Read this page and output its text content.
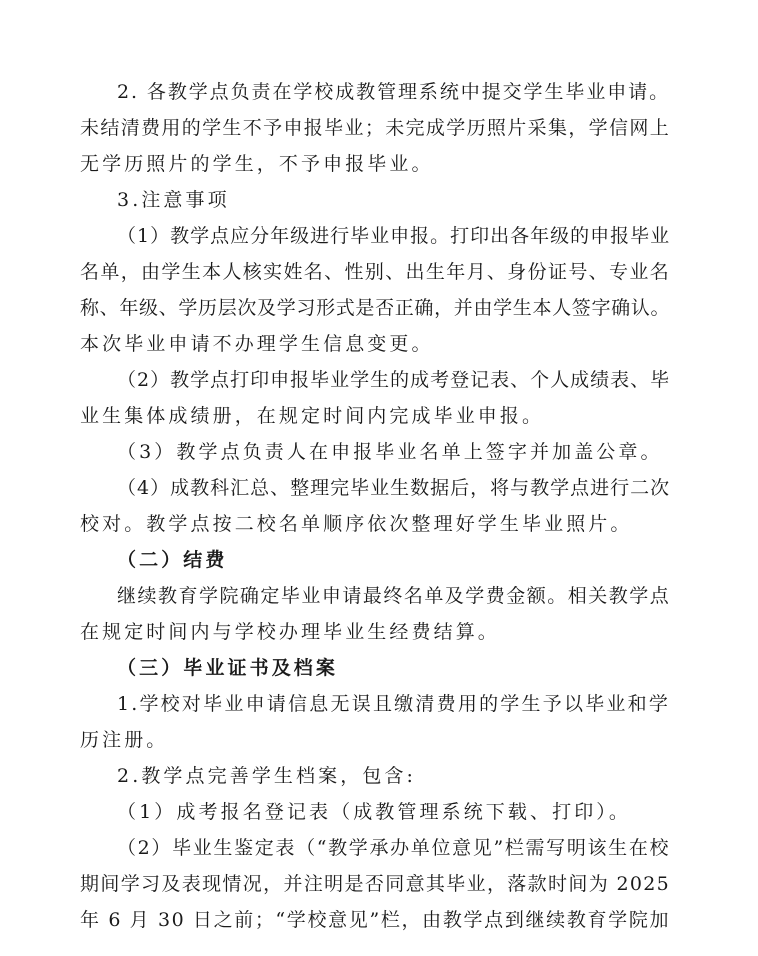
2. 各教学点负责在学校成教管理系统中提交学生毕业申请。
未结清费用的学生不予申报毕业；未完成学历照片采集，学信网上
无学历照片的学生，不予申报毕业。
3.注意事项
（1）教学点应分年级进行毕业申报。打印出各年级的申报毕业
名单，由学生本人核实姓名、性别、出生年月、身份证号、专业名
称、年级、学历层次及学习形式是否正确，并由学生本人签字确认。
本次毕业申请不办理学生信息变更。
（2）教学点打印申报毕业学生的成考登记表、个人成绩表、毕
业生集体成绩册，在规定时间内完成毕业申报。
（3）教学点负责人在申报毕业名单上签字并加盖公章。
（4）成教科汇总、整理完毕业生数据后，将与教学点进行二次
校对。教学点按二校名单顺序依次整理好学生毕业照片。
（二）结费
继续教育学院确定毕业申请最终名单及学费金额。相关教学点
在规定时间内与学校办理毕业生经费结算。
（三）毕业证书及档案
1.学校对毕业申请信息无误且缴清费用的学生予以毕业和学
历注册。
2.教学点完善学生档案，包含:
（1）成考报名登记表（成教管理系统下载、打印）。
（2）毕业生鉴定表（“教学承办单位意见”栏需写明该生在校
期间学习及表现情况，并注明是否同意其毕业，落款时间为 2025
年 6 月 30 日之前；“学校意见”栏，由教学点到继续教育学院加
